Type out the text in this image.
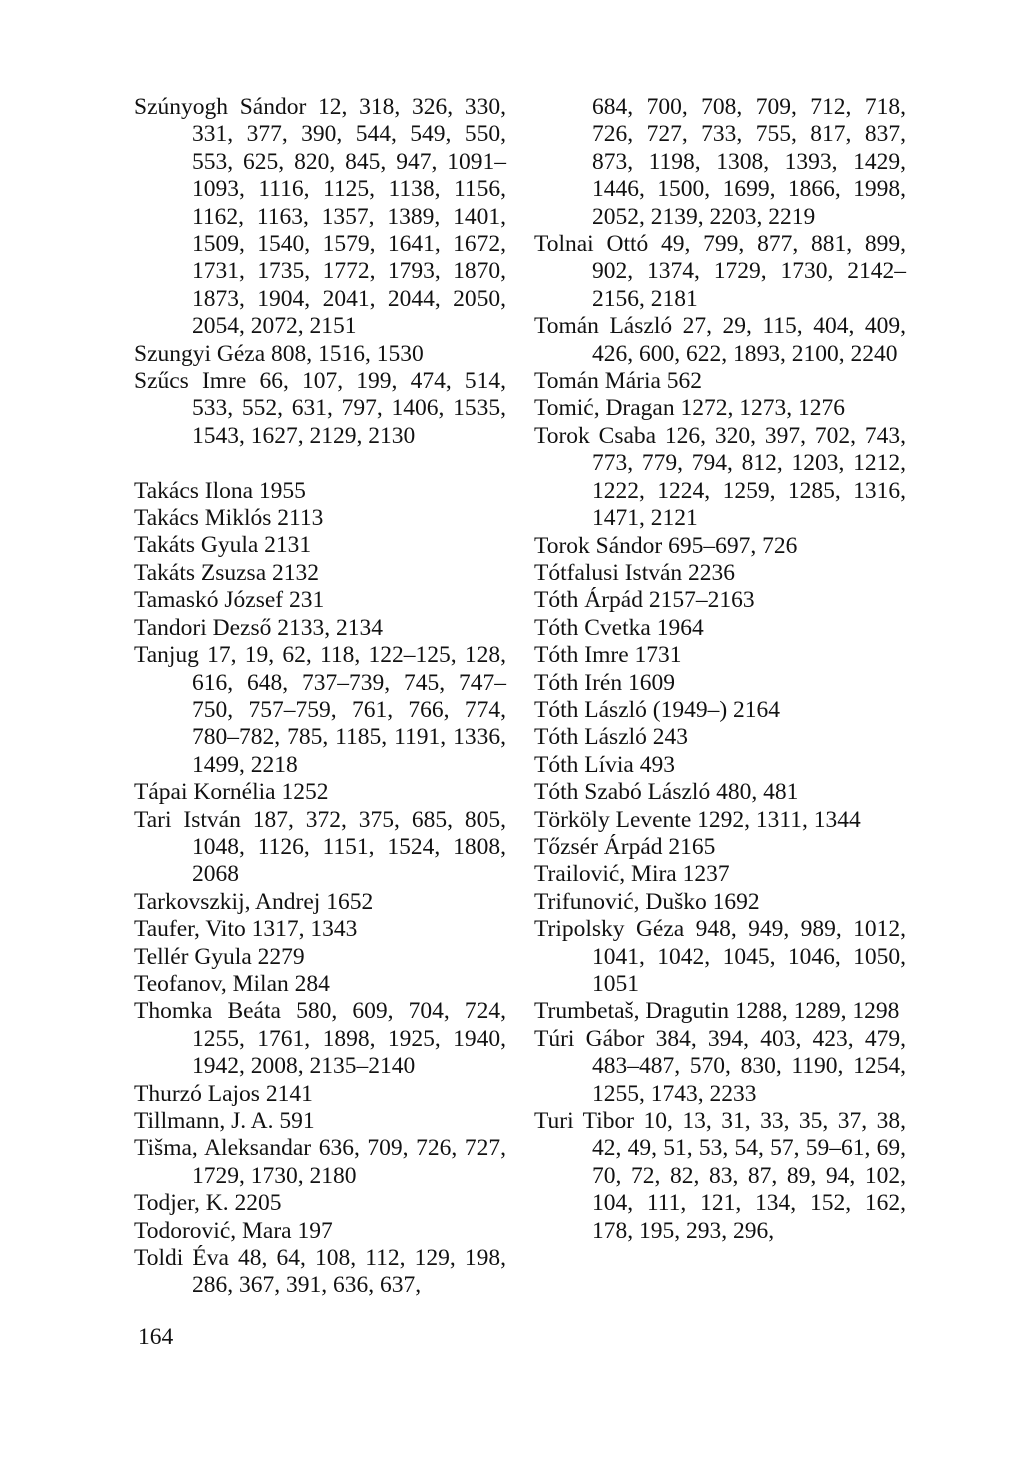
Szúnyogh Sándor 12, 318, 326, 330, 331, 377, 390, 544, 549, 550, 553, 625, 820, 845, 947, 1091–1093, 1116, 1125, 1138, 1156, 1162, 1163, 1357, 1389, 1401, 1509, 1540, 1579, 1641, 1672, 1731, 1735, 1772, 1793, 1870, 1873, 1904, 2041, 2044, 2050, 2054, 2072, 2151
Szungyi Géza 808, 1516, 1530
Szűcs Imre 66, 107, 199, 474, 514, 533, 552, 631, 797, 1406, 1535, 1543, 1627, 2129, 2130
Takács Ilona 1955
Takács Miklós 2113
Takáts Gyula 2131
Takáts Zsuzsa 2132
Tamaskó József 231
Tandori Dezső 2133, 2134
Tanjug 17, 19, 62, 118, 122–125, 128, 616, 648, 737–739, 745, 747–750, 757–759, 761, 766, 774, 780–782, 785, 1185, 1191, 1336, 1499, 2218
Tápai Kornélia 1252
Tari István 187, 372, 375, 685, 805, 1048, 1126, 1151, 1524, 1808, 2068
Tarkovszkij, Andrej 1652
Taufer, Vito 1317, 1343
Tellér Gyula 2279
Teofanov, Milan 284
Thomka Beáta 580, 609, 704, 724, 1255, 1761, 1898, 1925, 1940, 1942, 2008, 2135–2140
Thurzó Lajos 2141
Tillmann, J. A. 591
Tišma, Aleksandar 636, 709, 726, 727, 1729, 1730, 2180
Todjer, K. 2205
Todorović, Mara 197
Toldi Éva 48, 64, 108, 112, 129, 198, 286, 367, 391, 636, 637,
684, 700, 708, 709, 712, 718, 726, 727, 733, 755, 817, 837, 873, 1198, 1308, 1393, 1429, 1446, 1500, 1699, 1866, 1998, 2052, 2139, 2203, 2219
Tolnai Ottó 49, 799, 877, 881, 899, 902, 1374, 1729, 1730, 2142–2156, 2181
Tomán László 27, 29, 115, 404, 409, 426, 600, 622, 1893, 2100, 2240
Tomán Mária 562
Tomić, Dragan 1272, 1273, 1276
Torok Csaba 126, 320, 397, 702, 743, 773, 779, 794, 812, 1203, 1212, 1222, 1224, 1259, 1285, 1316, 1471, 2121
Torok Sándor 695–697, 726
Tótfalusi István 2236
Tóth Árpád 2157–2163
Tóth Cvetka 1964
Tóth Imre 1731
Tóth Irén 1609
Tóth László (1949–) 2164
Tóth László 243
Tóth Lívia 493
Tóth Szabó László 480, 481
Törköly Levente 1292, 1311, 1344
Tőzsér Árpád 2165
Trailović, Mira 1237
Trifunović, Duško 1692
Tripolsky Géza 948, 949, 989, 1012, 1041, 1042, 1045, 1046, 1050, 1051
Trumbetaš, Dragutin 1288, 1289, 1298
Túri Gábor 384, 394, 403, 423, 479, 483–487, 570, 830, 1190, 1254, 1255, 1743, 2233
Turi Tibor 10, 13, 31, 33, 35, 37, 38, 42, 49, 51, 53, 54, 57, 59–61, 69, 70, 72, 82, 83, 87, 89, 94, 102, 104, 111, 121, 134, 152, 162, 178, 195, 293, 296,
164
